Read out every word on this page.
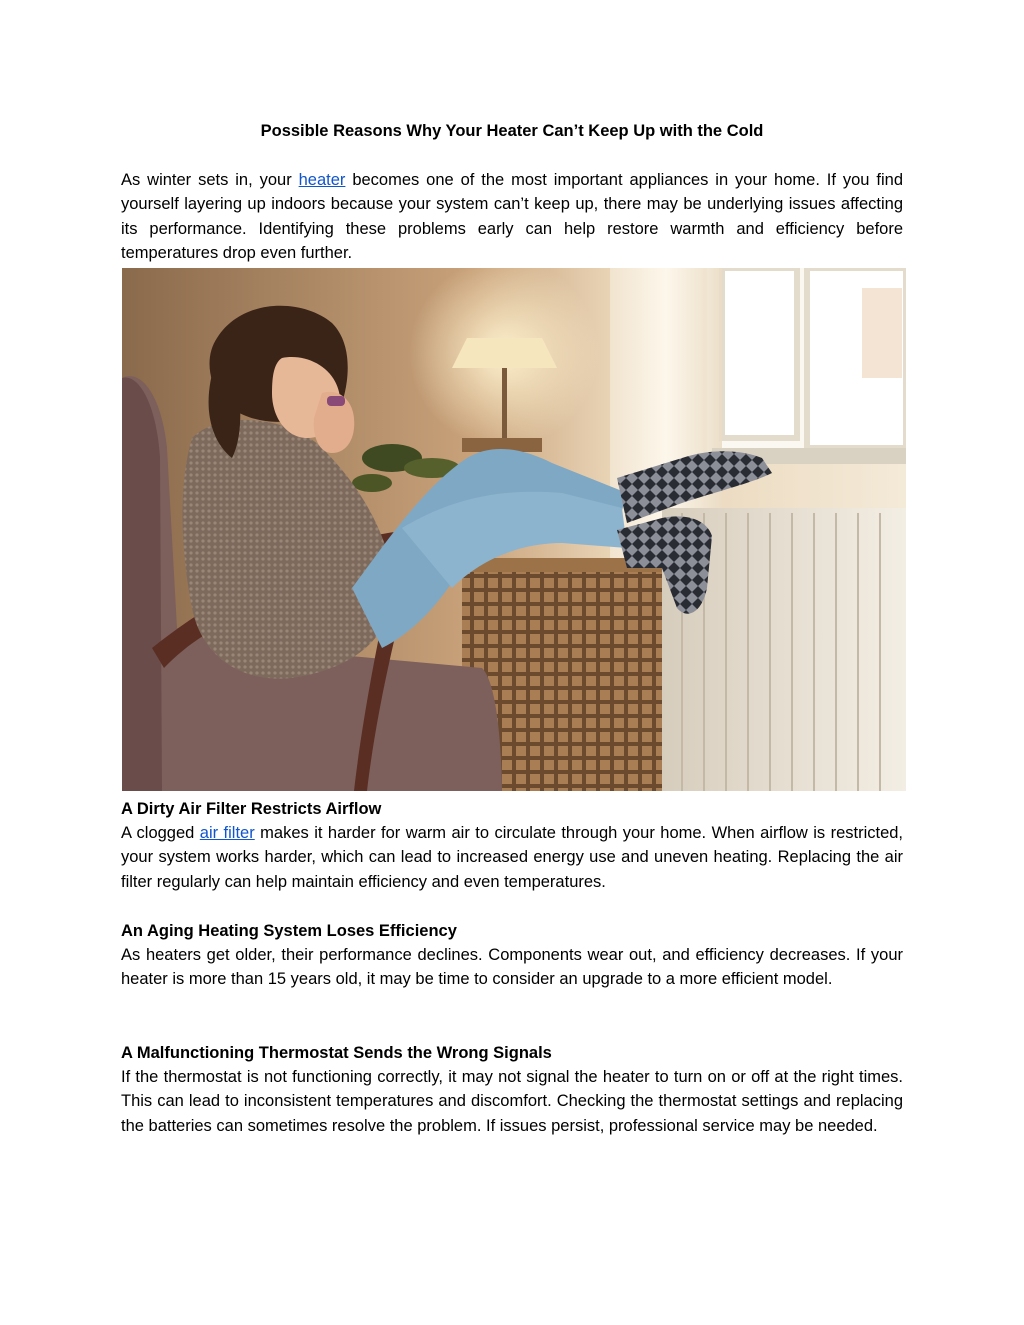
Possible Reasons Why Your Heater Can’t Keep Up with the Cold

As winter sets in, your heater becomes one of the most important appliances in your home. If you find yourself layering up indoors because your system can’t keep up, there may be underlying issues affecting its performance. Identifying these problems early can help restore warmth and efficiency before temperatures drop even further.

A Dirty Air Filter Restricts Airflow

A clogged air filter makes it harder for warm air to circulate through your home. When airflow is restricted, your system works harder, which can lead to increased energy use and uneven heating. Replacing the air filter regularly can help maintain efficiency and even temperatures.

An Aging Heating System Loses Efficiency

As heaters get older, their performance declines. Components wear out, and efficiency decreases. If your heater is more than 15 years old, it may be time to consider an upgrade to a more efficient model.

A Malfunctioning Thermostat Sends the Wrong Signals

If the thermostat is not functioning correctly, it may not signal the heater to turn on or off at the right times. This can lead to inconsistent temperatures and discomfort. Checking the thermostat settings and replacing the batteries can sometimes resolve the problem. If issues persist, professional service may be needed.
